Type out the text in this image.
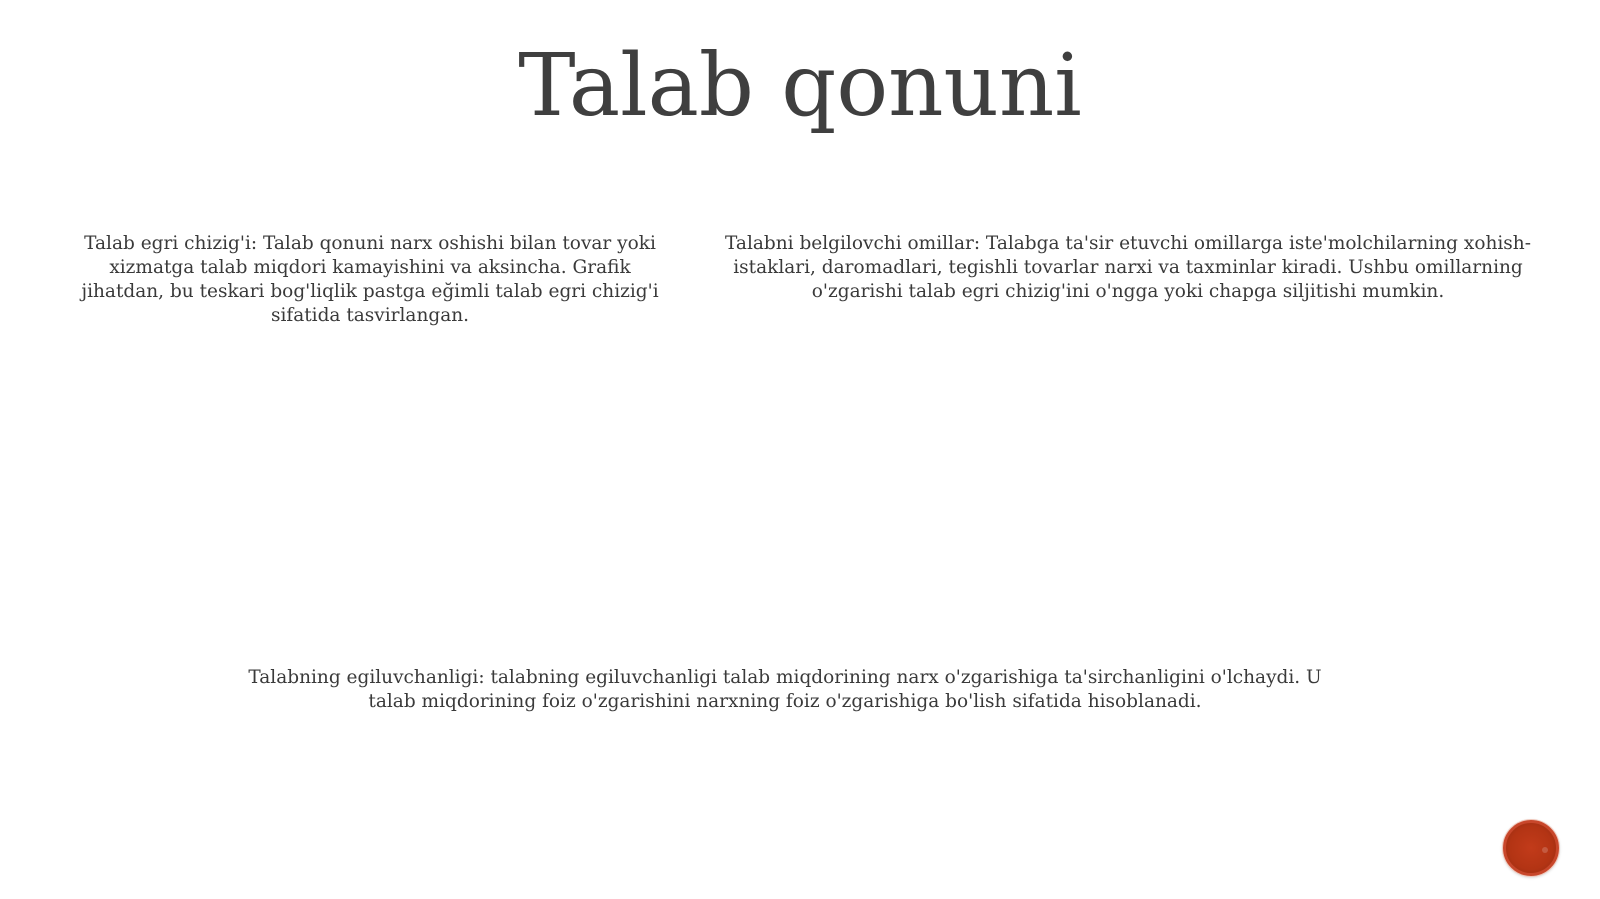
Talab qonuni

Talab egri chizig'i: Talab qonuni narx oshishi bilan tovar yoki xizmatga talab miqdori kamayishini va aksincha. Grafik jihatdan, bu teskari bog'liqlik pastga eğimli talab egri chizig'i sifatida tasvirlangan.

Talabni belgilovchi omillar: Talabga ta'sir etuvchi omillarga iste'molchilarning xohish-istaklari, daromadlari, tegishli tovarlar narxi va taxminlar kiradi. Ushbu omillarning o'zgarishi talab egri chizig'ini o'ngga yoki chapga siljitishi mumkin.

Talabning egiluvchanligi: talabning egiluvchanligi talab miqdorining narx o'zgarishiga ta'sirchanligini o'lchaydi. U talab miqdorining foiz o'zgarishini narxning foiz o'zgarishiga bo'lish sifatida hisoblanadi.
